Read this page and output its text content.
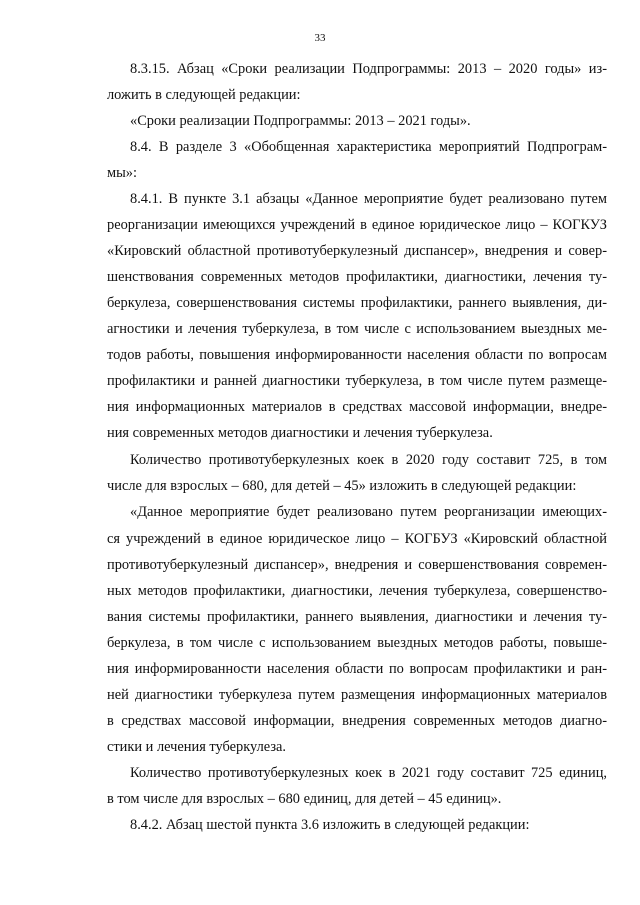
33
8.3.15. Абзац «Сроки реализации Подпрограммы: 2013 – 2020 годы» из-
ложить в следующей редакции:
«Сроки реализации Подпрограммы: 2013 – 2021 годы».
8.4. В разделе 3 «Обобщенная характеристика мероприятий Подпрограм-
мы»:
8.4.1. В пункте 3.1 абзацы «Данное мероприятие будет реализовано путем
реорганизации имеющихся учреждений в единое юридическое лицо – КОГКУЗ
«Кировский областной противотуберкулезный диспансер», внедрения и совер-
шенствования современных методов профилактики, диагностики, лечения ту-
беркулеза, совершенствования системы профилактики, раннего выявления, ди-
агностики и лечения туберкулеза, в том числе с использованием выездных ме-
тодов работы, повышения информированности населения области по вопросам
профилактики и ранней диагностики туберкулеза, в том числе путем размеще-
ния информационных материалов в средствах массовой информации, внедре-
ния современных методов диагностики и лечения туберкулеза.
Количество противотуберкулезных коек в 2020 году составит 725, в том
числе для взрослых – 680, для детей – 45» изложить в следующей редакции:
«Данное мероприятие будет реализовано путем реорганизации имеющих-
ся учреждений в единое юридическое лицо – КОГБУЗ «Кировский областной
противотуберкулезный диспансер», внедрения и совершенствования современ-
ных методов профилактики, диагностики, лечения туберкулеза, совершенство-
вания системы профилактики, раннего выявления, диагностики и лечения ту-
беркулеза, в том числе с использованием выездных методов работы, повыше-
ния информированности населения области по вопросам профилактики и ран-
ней диагностики туберкулеза путем размещения информационных материалов
в средствах массовой информации, внедрения современных методов диагно-
стики и лечения туберкулеза.
Количество противотуберкулезных коек в 2021 году составит 725 единиц,
в том числе для взрослых – 680 единиц, для детей – 45 единиц».
8.4.2. Абзац шестой пункта 3.6 изложить в следующей редакции:
